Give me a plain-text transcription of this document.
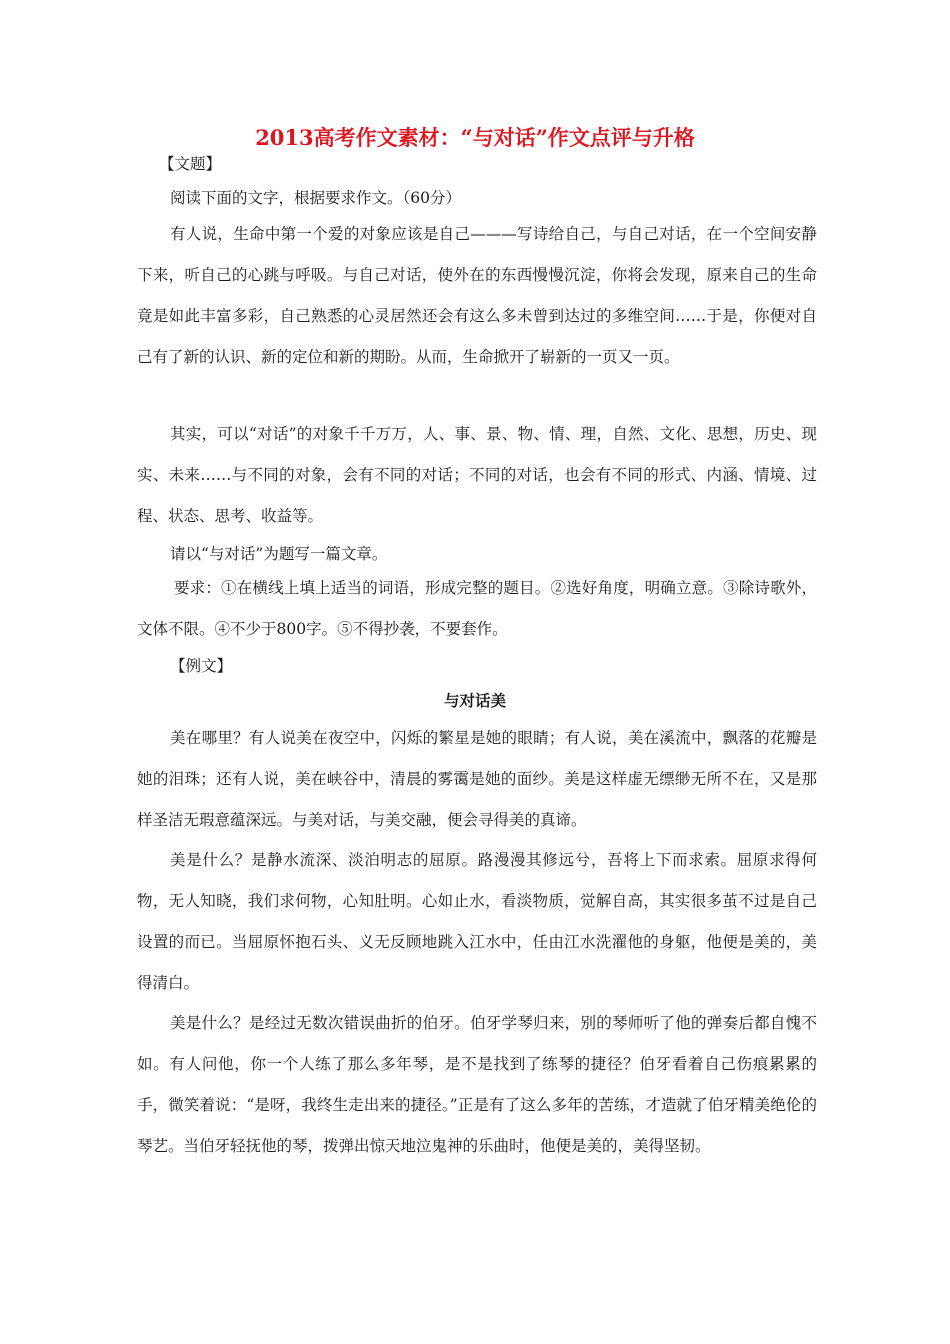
2013高考作文素材：“与对话”作文点评与升格
【文题】
阅读下面的文字，根据要求作文。（60分）

有人说，生命中第一个爱的对象应该是自己———写诗给自己，与自己对话，在一个空间安静下来，听自己的心跳与呼吸。与自己对话，使外在的东西慢慢沉淀，你将会发现，原来自己的生命竟是如此丰富多彩，自己熟悉的心灵居然还会有这么多未曾到达过的多维空间……于是，你便对自己有了新的认识、新的定位和新的期盼。从而，生命掀开了崭新的一页又一页。

其实，可以“对话”的对象千千万万，人、事、景、物、情、理，自然、文化、思想，历史、现实、未来……与不同的对象，会有不同的对话；不同的对话，也会有不同的形式、内涵、情境、过程、状态、思考、收益等。

请以“与对话”为题写一篇文章。

要求：①在横线上填上适当的词语，形成完整的题目。②选好角度，明确立意。③除诗歌外，文体不限。④不少于800字。⑤不得抄袭，不要套作。

【例文】
与对话美

美在哪里？有人说美在夜空中，闪烁的繁星是她的眼睛；有人说，美在溪流中，飘落的花瓣是她的泪珠；还有人说，美在峡谷中，清晨的雾霭是她的面纱。美是这样虚无缥缈无所不在，又是那样圣洁无瑕意蕴深远。与美对话，与美交融，便会寻得美的真谛。

美是什么？是静水流深、淡泊明志的屈原。路漫漫其修远兮，吾将上下而求索。屈原求得何物，无人知晓，我们求何物，心知肚明。心如止水，看淡物质，觉解自高，其实很多茧不过是自己设置的而已。当屈原怀抱石头、义无反顾地跳入江水中，任由江水洗濯他的身躯，他便是美的，美得清白。

美是什么？是经过无数次错误曲折的伯牙。伯牙学琴归来，别的琴师听了他的弹奏后都自愧不如。有人问他，你一个人练了那么多年琴，是不是找到了练琴的捷径？伯牙看着自己伤痕累累的手，微笑着说：“是呀，我终生走出来的捷径。”正是有了这么多年的苦练，才造就了伯牙精美绝伦的琴艺。当伯牙轻抚他的琴，拨弹出惊天地泣鬼神的乐曲时，他便是美的，美得坚韧。
